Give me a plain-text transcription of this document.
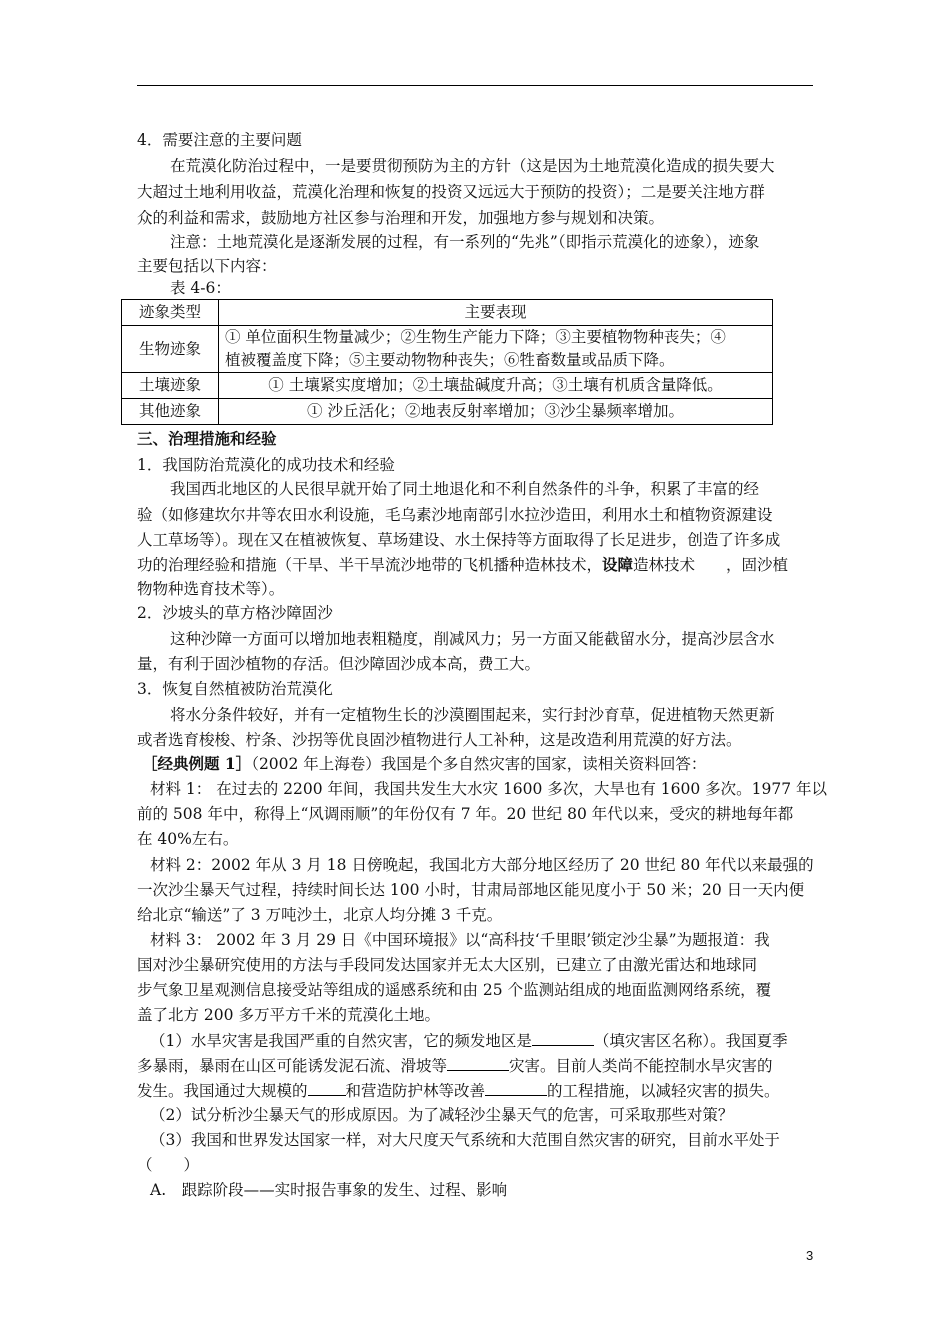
4．需要注意的主要问题
在荒漠化防治过程中，一是要贯彻预防为主的方针（这是因为土地荒漠化造成的损失要大
大超过土地利用收益，荒漠化治理和恢复的投资又远远大于预防的投资）；二是要关注地方群
众的利益和需求，鼓励地方社区参与治理和开发，加强地方参与规划和决策。
注意：土地荒漠化是逐渐发展的过程，有一系列的“先兆”（即指示荒漠化的迹象），迹象
主要包括以下内容：
表 4-6：
迹象类型	主要表现
生物迹象	① 单位面积生物量减少；②生物生产能力下降；③主要植物物种丧失；④
植被覆盖度下降；⑤主要动物物种丧失；⑥牲畜数量或品质下降。

土壤迹象	① 土壤紧实度增加；②土壤盐碱度升高；③土壤有机质含量降低。
其他迹象	① 沙丘活化；②地表反射率增加；③沙尘暴频率增加。
三、治理措施和经验
1．我国防治荒漠化的成功技术和经验
我国西北地区的人民很早就开始了同土地退化和不利自然条件的斗争，积累了丰富的经
验（如修建坎尔井等农田水利设施，毛乌素沙地南部引水拉沙造田，利用水土和植物资源建设
人工草场等）。现在又在植被恢复、草场建设、水土保持等方面取得了长足进步，创造了许多成
功的治理经验和措施（干旱、半干旱流沙地带的飞机播种造林技术，设障造林技术　　，固沙植
物物种选育技术等）。
2．沙坡头的草方格沙障固沙
这种沙障一方面可以增加地表粗糙度，削减风力；另一方面又能截留水分，提高沙层含水
量，有利于固沙植物的存活。但沙障固沙成本高，费工大。
3．恢复自然植被防治荒漠化
将水分条件较好，并有一定植物生长的沙漠圈围起来，实行封沙育草，促进植物天然更新
或者选育梭梭、柠条、沙拐等优良固沙植物进行人工补种，这是改造利用荒漠的好方法。
［经典例题 1］（2002 年上海卷）我国是个多自然灾害的国家，读相关资料回答：
材料 1： 在过去的 2200 年间，我国共发生大水灾 1600 多次，大旱也有 1600 多次。1977 年以
前的 508 年中，称得上“风调雨顺”的年份仅有 7 年。20 世纪 80 年代以来，受灾的耕地每年都
在 40%左右。
材料 2：2002 年从 3 月 18 日傍晚起，我国北方大部分地区经历了 20 世纪 80 年代以来最强的
一次沙尘暴天气过程，持续时间长达 100 小时，甘肃局部地区能见度小于 50 米；20 日一天内便
给北京“输送”了 3 万吨沙土，北京人均分摊 3 千克。
材料 3： 2002 年 3 月 29 日《中国环境报》以“高科技‘千里眼’锁定沙尘暴”为题报道：我
国对沙尘暴研究使用的方法与手段同发达国家并无太大区别，已建立了由激光雷达和地球同
步气象卫星观测信息接受站等组成的遥感系统和由 25 个监测站组成的地面监测网络系统，覆
盖了北方 200 多万平方千米的荒漠化土地。
（1）水旱灾害是我国严重的自然灾害，它的频发地区是	（填灾害区名称）。我国夏季
多暴雨，暴雨在山区可能诱发泥石流、滑坡等	灾害。目前人类尚不能控制水旱灾害的
发生。我国通过大规模的 和营造防护林等改善	的工程措施，以减轻灾害的损失。
（2）试分析沙尘暴天气的形成原因。为了减轻沙尘暴天气的危害，可采取那些对策？
（3）我国和世界发达国家一样，对大尺度天气系统和大范围自然灾害的研究，目前水平处于
（　　）
A.　跟踪阶段——实时报告事象的发生、过程、影响
3
